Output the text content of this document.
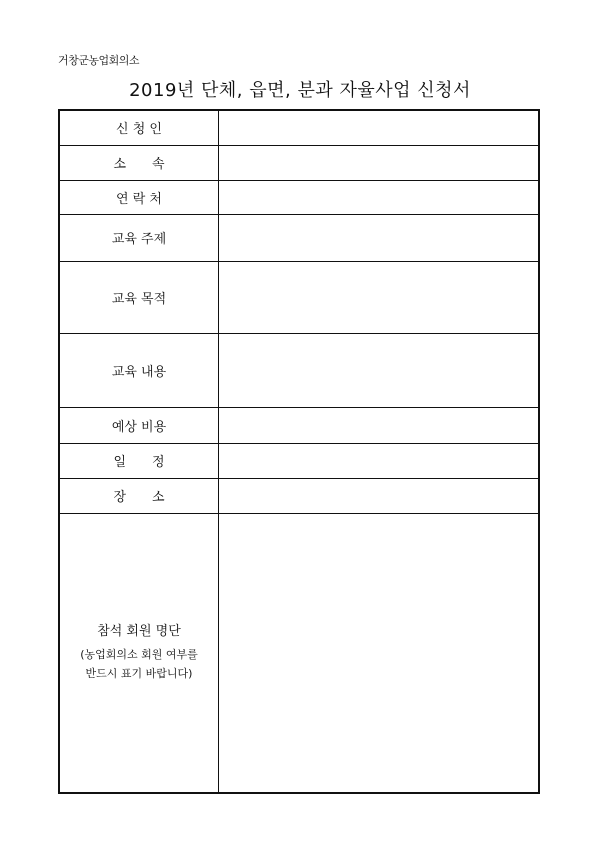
거창군농업회의소
2019년 단체, 읍면, 분과 자율사업 신청서
신 청 인	
소　　속	
연 락 처	
교육 주제	
교육 목적	
교육 내용	
예상 비용	
일　　정	
장　　소	

참석 회원 명단
(농업회의소 회원 여부를
반드시 표기 바랍니다)	
